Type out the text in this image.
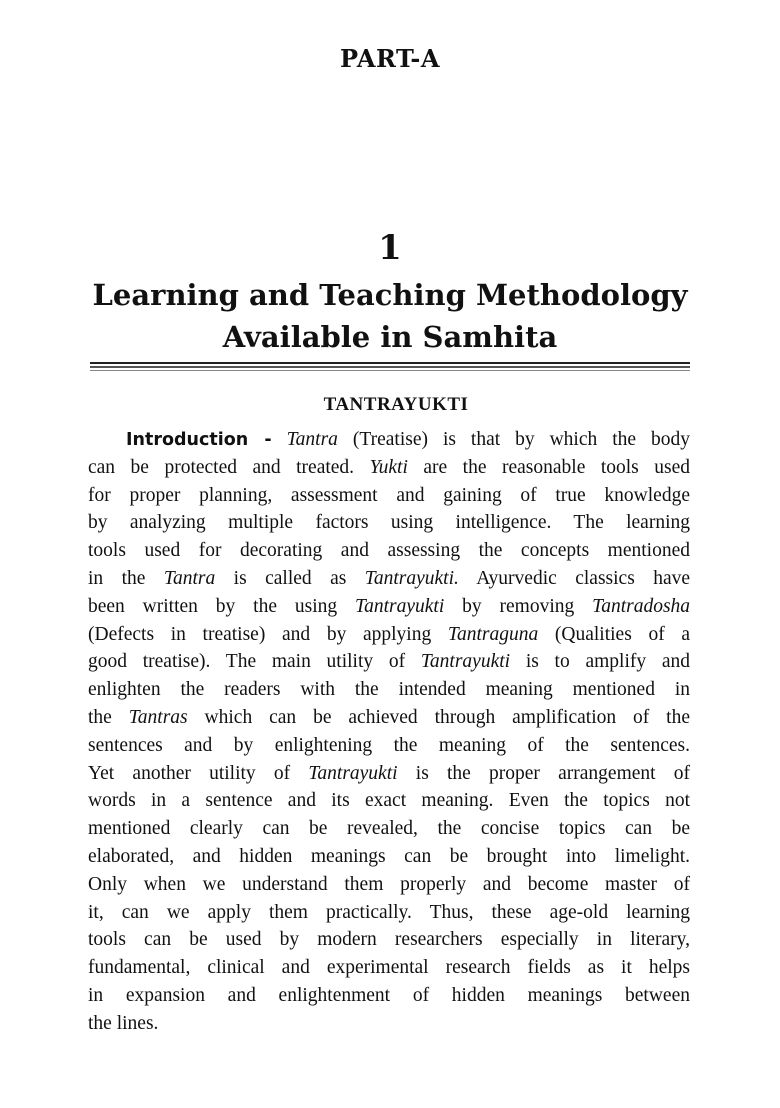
PART-A
1
Learning and Teaching Methodology
Available in Samhita
TANTRAYUKTI
Introduction - Tantra (Treatise) is that by which the body
can be protected and treated. Yukti are the reasonable tools used
for proper planning, assessment and gaining of true knowledge
by analyzing multiple factors using intelligence. The learning
tools used for decorating and assessing the concepts mentioned
in the Tantra is called as Tantrayukti. Ayurvedic classics have
been written by the using Tantrayukti by removing Tantradosha
(Defects in treatise) and by applying Tantraguna (Qualities of a
good treatise). The main utility of Tantrayukti is to amplify and
enlighten the readers with the intended meaning mentioned in
the Tantras which can be achieved through amplification of the
sentences and by enlightening the meaning of the sentences.
Yet another utility of Tantrayukti is the proper arrangement of
words in a sentence and its exact meaning. Even the topics not
mentioned clearly can be revealed, the concise topics can be
elaborated, and hidden meanings can be brought into limelight.
Only when we understand them properly and become master of
it, can we apply them practically. Thus, these age-old learning
tools can be used by modern researchers especially in literary,
fundamental, clinical and experimental research fields as it helps
in expansion and enlightenment of hidden meanings between
the lines.
